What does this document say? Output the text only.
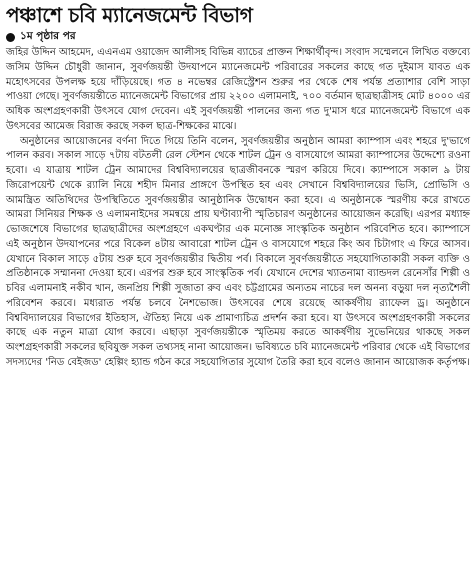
পঞ্চাশে চবি ম্যানেজমেন্ট বিভাগ
১ম পৃষ্ঠার পর

জহির উদ্দিন আহমেদ, এএনএম ওয়াজেদ আলীসহ বিভিন্ন ব্যাচের প্রাক্তন শিক্ষার্থীবৃন্দ। সংবাদ সম্মেলনে লিখিত বক্তব্যে জসিম উদ্দিন চৌধুরী জানান, সুবর্ণজয়ন্তী উদযাপনে ম্যানেজমেন্ট পরিবারের সকলের কাছে গত দুইমাস যাবত এক মহোৎসবের উপলক্ষ হয়ে দাঁড়িয়েছে। গত ৪ নভেম্বর রেজিস্ট্রেশন শুরুর পর থেকে শেষ পর্যন্ত প্রত্যাশার বেশি সাড়া পাওয়া গেছে। সুবর্ণজয়ন্তীতে ম্যানেজমেন্ট বিভাগের প্রায় ২২০০ এলামনাই, ৭০০ বর্তমান ছাত্রছাত্রীসহ মোট ৪০০০ এর অধিক অংশগ্রহণকারী উৎসবে যোগ দেবেন। এই সুবর্ণজয়ন্তী পালনের জন্য গত দু'মাস ধরে ম্যানেজমেন্ট বিভাগে এক উৎসবের আমেজ বিরাজ করছে সকল ছাত্র-শিক্ষকের মাঝে।

অনুষ্ঠানের আয়োজনের বর্ণনা দিতে গিয়ে তিনি বলেন, সুবর্ণজয়ন্তীর অনুষ্ঠান আমরা ক্যাম্পাস এবং শহরে দু'ভাগে পালন করব। সকাল সাড়ে ৭টায় বটতলী রেল স্টেশন থেকে শাটল ট্রেন ও বাসযোগে আমরা ক্যাম্পাসের উদ্দেশ্যে রওনা হবো। এ যাত্রায় শাটল ট্রেন আমাদের বিশ্ববিদ্যালয়ের ছাত্রজীবনকে স্মরণ করিয়ে দিবে। ক্যাম্পাসে সকাল ৯ টায় জিরোপয়েন্ট থেকে র‌্যালি নিয়ে শহীদ মিনার প্রাঙ্গণে উপস্থিত হব এবং সেখানে বিশ্ববিদ্যালয়ের ভিসি, প্রোভিসি ও আমন্ত্রিত অতিথিদের উপস্থিতিতে সুবর্ণজয়ন্তীর আনুষ্ঠানিক উদ্বোধন করা হবে। এ অনুষ্ঠানকে স্মরণীয় করে রাখতে আমরা সিনিয়র শিক্ষক ও এলামনাইদের সমন্বয়ে প্রায় ঘণ্টাব্যাপী স্মৃতিচারণ অনুষ্ঠানের আয়োজন করেছি। এরপর মধ্যাহ্ন ভোজশেষে বিভাগের ছাত্রছাত্রীদের অংশগ্রহণে একঘণ্টার এক মনোজ্ঞ সাংস্কৃতিক অনুষ্ঠান পরিবেশিত হবে। ক্যাম্পাসে এই অনুষ্ঠান উদযাপনের পরে বিকেল ৪টায় আবারো শাটল ট্রেন ও বাসযোগে শহরে কিং অব চিটাগাং এ ফিরে আসব। যেখানে বিকাল সাড়ে ৫টায় শুরু হবে সুবর্ণজয়ন্তীর দ্বিতীয় পর্ব। বিকালে সুবর্ণজয়ন্তীতে সহযোগিতাকারী সকল ব্যক্তি ও প্রতিষ্ঠানকে সম্মাননা দেওয়া হবে। এরপর শুরু হবে সাংস্কৃতিক পর্ব। যেখানে দেশের খ্যাতনামা ব্যান্ডদল রেনেসাঁর শিল্পী ও চবির এলামনাই নকীব খান, জনপ্রিয় শিল্পী সুজাতা রুব এবং চট্টগ্রামের অন্যতম নাচের দল অনন্য বড়ুয়া দল নৃত্যশৈলী পরিবেশন করবে। মধ্যরাত পর্যন্ত চলবে নৈশভোজ। উৎসবের শেষে রয়েছে আকর্ষণীয় র‌্যাফেল ড্র। অনুষ্ঠানে বিশ্ববিদ্যালয়ের বিভাগের ইতিহাস, ঐতিহ্য নিয়ে এক প্রামাণ্যচিত্র প্রদর্শন করা হবে। যা উৎসবে অংশগ্রহণকারী সকলের কাছে এক নতুন মাত্রা যোগ করবে। এছাড়া সুবর্ণজয়ন্তীকে স্মৃতিময় করতে আকর্ষণীয় সুভেনিয়ের থাকছে সকল অংশগ্রহণকারী সকলের ছবিযুক্ত সকল তথ্যসহ নানা আয়োজন। ভবিষ্যতে চবি ম্যানেজমেন্ট পরিবার থেকে এই বিভাগের সদস্যদের 'নিড বেইজড' হেল্পিং হ্যান্ড গঠন করে সহযোগিতার সুযোগ তৈরি করা হবে বলেও জানান আয়োজক কর্তৃপক্ষ।
